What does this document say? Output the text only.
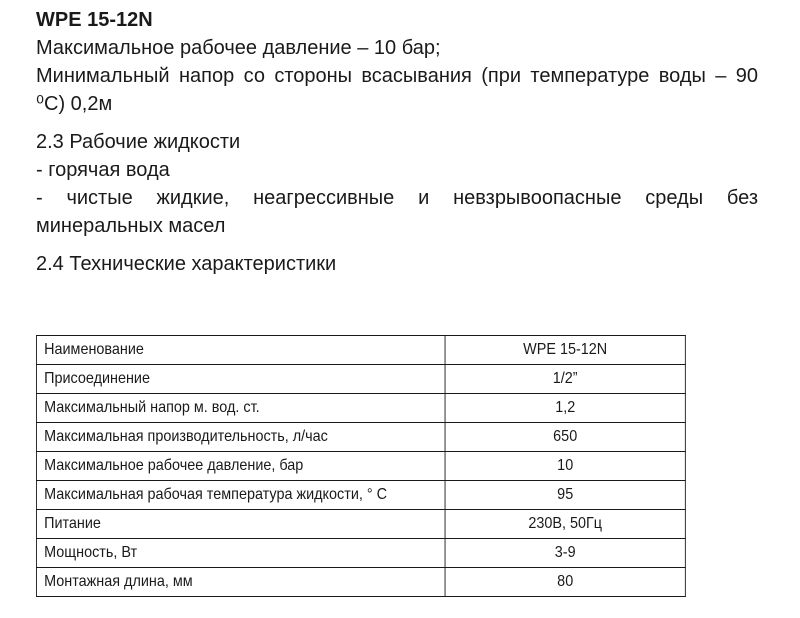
WPE 15-12N

Максимальное рабочее давление – 10 бар;

Минимальный напор со стороны всасывания (при температуре воды – 90 ⁰С) 0,2м

2.3 Рабочие жидкости

- горячая вода

- чистые жидкие, неагрессивные и невзрывоопасные среды без минеральных масел

2.4 Технические характеристики

Наименование	WPE 15-12N
Присоединение	1/2”
Максимальный напор м. вод. ст.	1,2
Максимальная производительность, л/час	650
Максимальное рабочее давление, бар	10
Максимальная рабочая температура жидкости, ° С	95
Питание	230В, 50Гц
Мощность, Вт	3-9
Монтажная длина, мм	80
